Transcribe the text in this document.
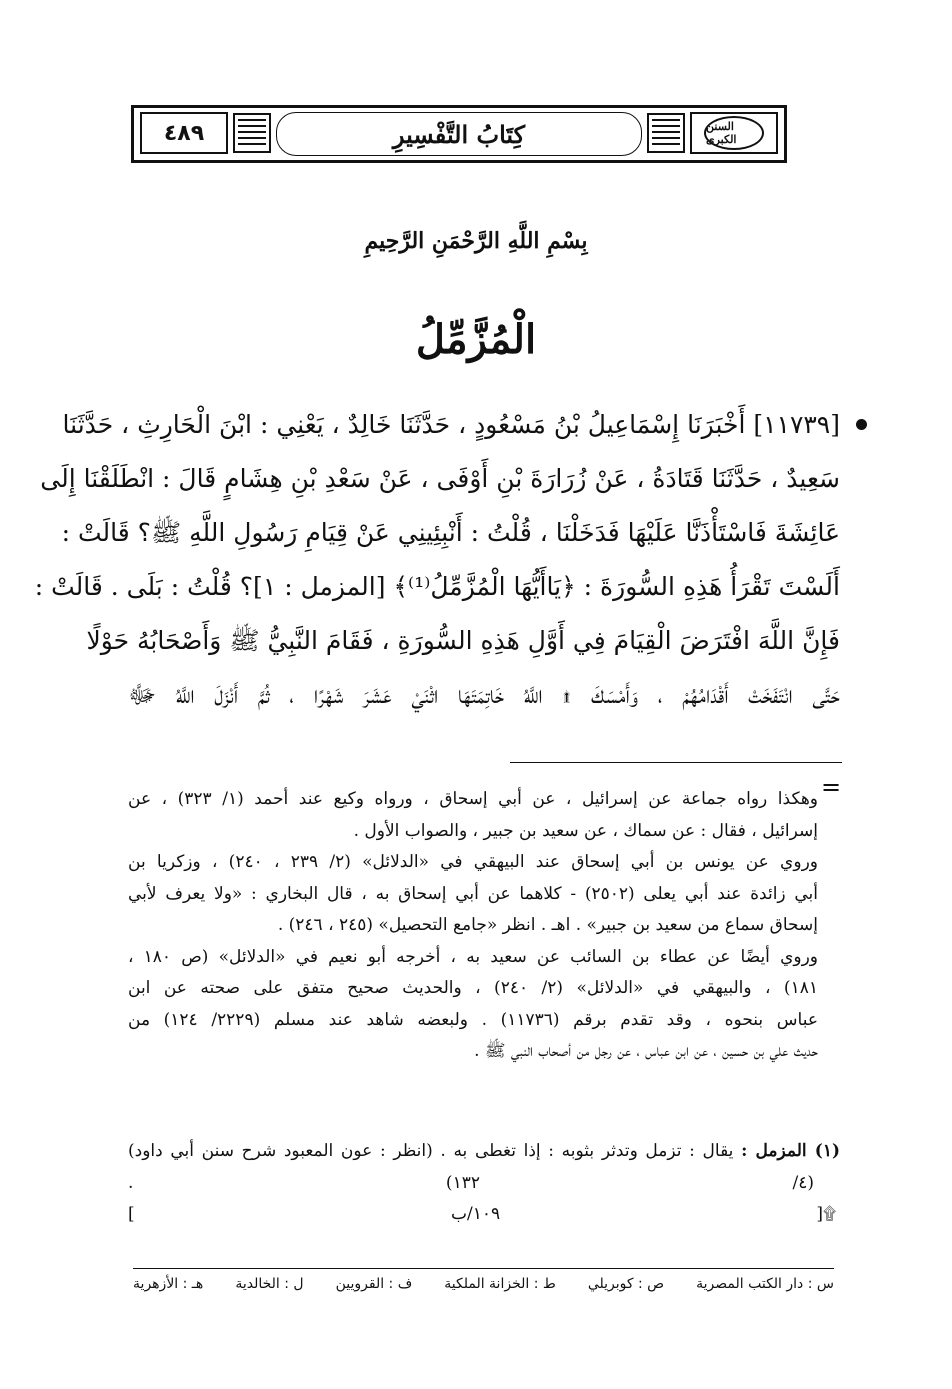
٤٨٩	كِتَابُ التَّفْسِيرِ	السنن الكبرى
بِسْمِ اللَّهِ الرَّحْمَنِ الرَّحِيمِ
الْمُزَّمِّلُ
[١١٧٣٩] أَخْبَرَنَا إِسْمَاعِيلُ بْنُ مَسْعُودٍ ، حَدَّثَنَا خَالِدٌ ، يَعْنِي : ابْنَ الْحَارِثِ ، حَدَّثَنَا
سَعِيدٌ ، حَدَّثَنَا قَتَادَةُ ، عَنْ زُرَارَةَ بْنِ أَوْفَى ، عَنْ سَعْدِ بْنِ هِشَامٍ قَالَ : انْطَلَقْنَا إِلَى
عَائِشَةَ فَاسْتَأْذَنَّا عَلَيْهَا فَدَخَلْنَا ، قُلْتُ : أَنْبِئِينِي عَنْ قِيَامِ رَسُولِ اللَّهِ ﷺ؟ قَالَتْ :
أَلَسْتَ تَقْرَأُ هَذِهِ السُّورَةَ : ﴿يَاأَيُّهَا الْمُزَّمِّلُ⁽¹⁾﴾ [المزمل : ١]؟ قُلْتُ : بَلَى . قَالَتْ :
فَإِنَّ اللَّهَ افْتَرَضَ الْقِيَامَ فِي أَوَّلِ هَذِهِ السُّورَةِ ، فَقَامَ النَّبِيُّ ﷺ وَأَصْحَابُهُ حَوْلًا
حَتَّى انْتَفَخَتْ أَقْدَامُهُمْ ، وَأَمْسَكَ ۩ اللَّهُ خَاتِمَتَهَا اثْنَيْ عَشَرَ شَهْرًا ، ثُمَّ أَنْزَلَ اللَّهُ ﷻ
=
وهكذا رواه جماعة عن إسرائيل ، عن أبي إسحاق ، ورواه وكيع عند أحمد (١/ ٣٢٣) ، عن
إسرائيل ، فقال : عن سماك ، عن سعيد بن جبير ، والصواب الأول .
وروي عن يونس بن أبي إسحاق عند البيهقي في «الدلائل» (٢/ ٢٣٩ ، ٢٤٠) ، وزكريا بن
أبي زائدة عند أبي يعلى (٢٥٠٢) - كلاهما عن أبي إسحاق به ، قال البخاري : «ولا يعرف لأبي
إسحاق سماع من سعيد بن جبير» . اهـ . انظر «جامع التحصيل» (٢٤٥ ، ٢٤٦) .
وروي أيضًا عن عطاء بن السائب عن سعيد به ، أخرجه أبو نعيم في «الدلائل» (ص ١٨٠ ،
١٨١) ، والبيهقي في «الدلائل» (٢/ ٢٤٠) ، والحديث صحيح متفق على صحته عن ابن
عباس بنحوه ، وقد تقدم برقم (١١٧٣٦) . ولبعضه شاهد عند مسلم (٢٢٢٩/ ١٢٤) من
حديث علي بن حسين ، عن ابن عباس ، عن رجل من أصحاب النبي ﷺ .
(١) المزمل : يقال : تزمل وتدثر بثوبه : إذا تغطى به . (انظر : عون المعبود شرح سنن أبي داود)
(٤/ ١٣٢) .
۩[ ١٠٩/ب ]
س : دار الكتب المصرية
ص : كوبريلي
ط : الخزانة الملكية
ف : القرويين
ل : الخالدية
هـ : الأزهرية
